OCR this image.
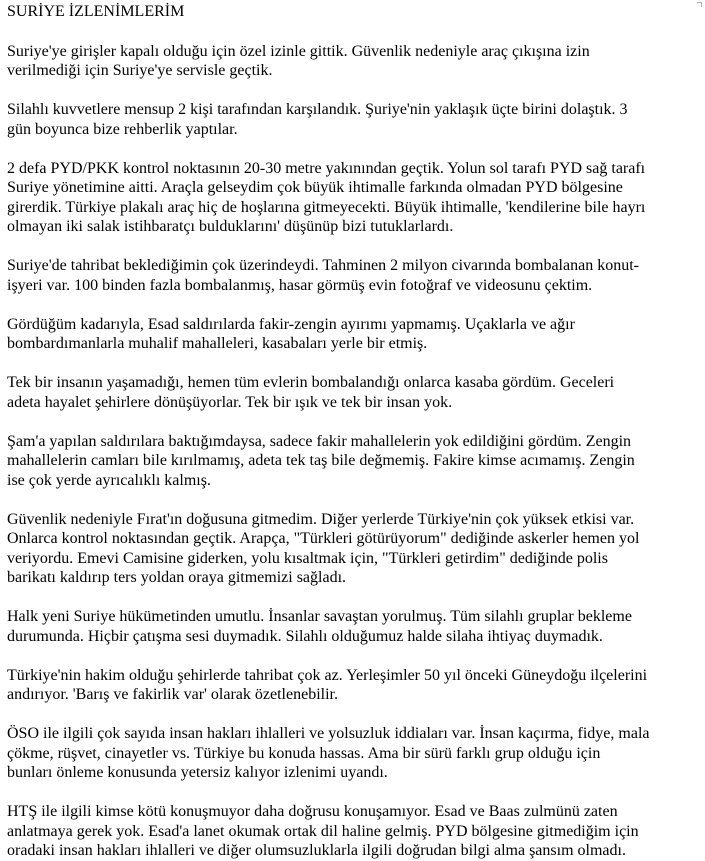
SURİYE İZLENİMLERİM

Suriye'ye girişler kapalı olduğu için özel izinle gittik. Güvenlik nedeniyle araç çıkışına izin
verilmediği için Suriye'ye servisle geçtik.

Silahlı kuvvetlere mensup 2 kişi tarafından karşılandık. Şuriye'nin yaklaşık üçte birini dolaştık. 3
gün boyunca bize rehberlik yaptılar.

2 defa PYD/PKK kontrol noktasının 20-30 metre yakınından geçtik. Yolun sol tarafı PYD sağ tarafı
Suriye yönetimine aitti. Araçla gelseydim çok büyük ihtimalle farkında olmadan PYD bölgesine
girerdik. Türkiye plakalı araç hiç de hoşlarına gitmeyecekti. Büyük ihtimalle, 'kendilerine bile hayrı
olmayan iki salak istihbaratçı bulduklarını' düşünüp bizi tutuklarlardı.

Suriye'de tahribat beklediğimin çok üzerindeydi. Tahminen 2 milyon civarında bombalanan konut-
işyeri var. 100 binden fazla bombalanmış, hasar görmüş evin fotoğraf ve videosunu çektim.

Gördüğüm kadarıyla, Esad saldırılarda fakir-zengin ayırımı yapmamış. Uçaklarla ve ağır
bombardımanlarla muhalif mahalleleri, kasabaları yerle bir etmiş.

Tek bir insanın yaşamadığı, hemen tüm evlerin bombalandığı onlarca kasaba gördüm. Geceleri
adeta hayalet şehirlere dönüşüyorlar. Tek bir ışık ve tek bir insan yok.

Şam'a yapılan saldırılara baktığımdaysa, sadece fakir mahallelerin yok edildiğini gördüm. Zengin
mahallelerin camları bile kırılmamış, adeta tek taş bile değmemiş. Fakire kimse acımamış. Zengin
ise çok yerde ayrıcalıklı kalmış.

Güvenlik nedeniyle Fırat'ın doğusuna gitmedim. Diğer yerlerde Türkiye'nin çok yüksek etkisi var.
Onlarca kontrol noktasından geçtik. Arapça, "Türkleri götürüyorum" dediğinde askerler hemen yol
veriyordu. Emevi Camisine giderken, yolu kısaltmak için, "Türkleri getirdim" dediğinde polis
barikatı kaldırıp ters yoldan oraya gitmemizi sağladı.

Halk yeni Suriye hükümetinden umutlu. İnsanlar savaştan yorulmuş. Tüm silahlı gruplar bekleme
durumunda. Hiçbir çatışma sesi duymadık. Silahlı olduğumuz halde silaha ihtiyaç duymadık.

Türkiye'nin hakim olduğu şehirlerde tahribat çok az. Yerleşimler 50 yıl önceki Güneydoğu ilçelerini
andırıyor. 'Barış ve fakirlik var' olarak özetlenebilir.

ÖSO ile ilgili çok sayıda insan hakları ihlalleri ve yolsuzluk iddiaları var. İnsan kaçırma, fidye, mala
çökme, rüşvet, cinayetler vs. Türkiye bu konuda hassas. Ama bir sürü farklı grup olduğu için
bunları önleme konusunda yetersiz kalıyor izlenimi uyandı.

HTŞ ile ilgili kimse kötü konuşmuyor daha doğrusu konuşamıyor. Esad ve Baas zulmünü zaten
anlatmaya gerek yok. Esad'a lanet okumak ortak dil haline gelmiş. PYD bölgesine gitmediğim için
oradaki insan hakları ihlalleri ve diğer olumsuzluklarla ilgili doğrudan bilgi alma şansım olmadı.
